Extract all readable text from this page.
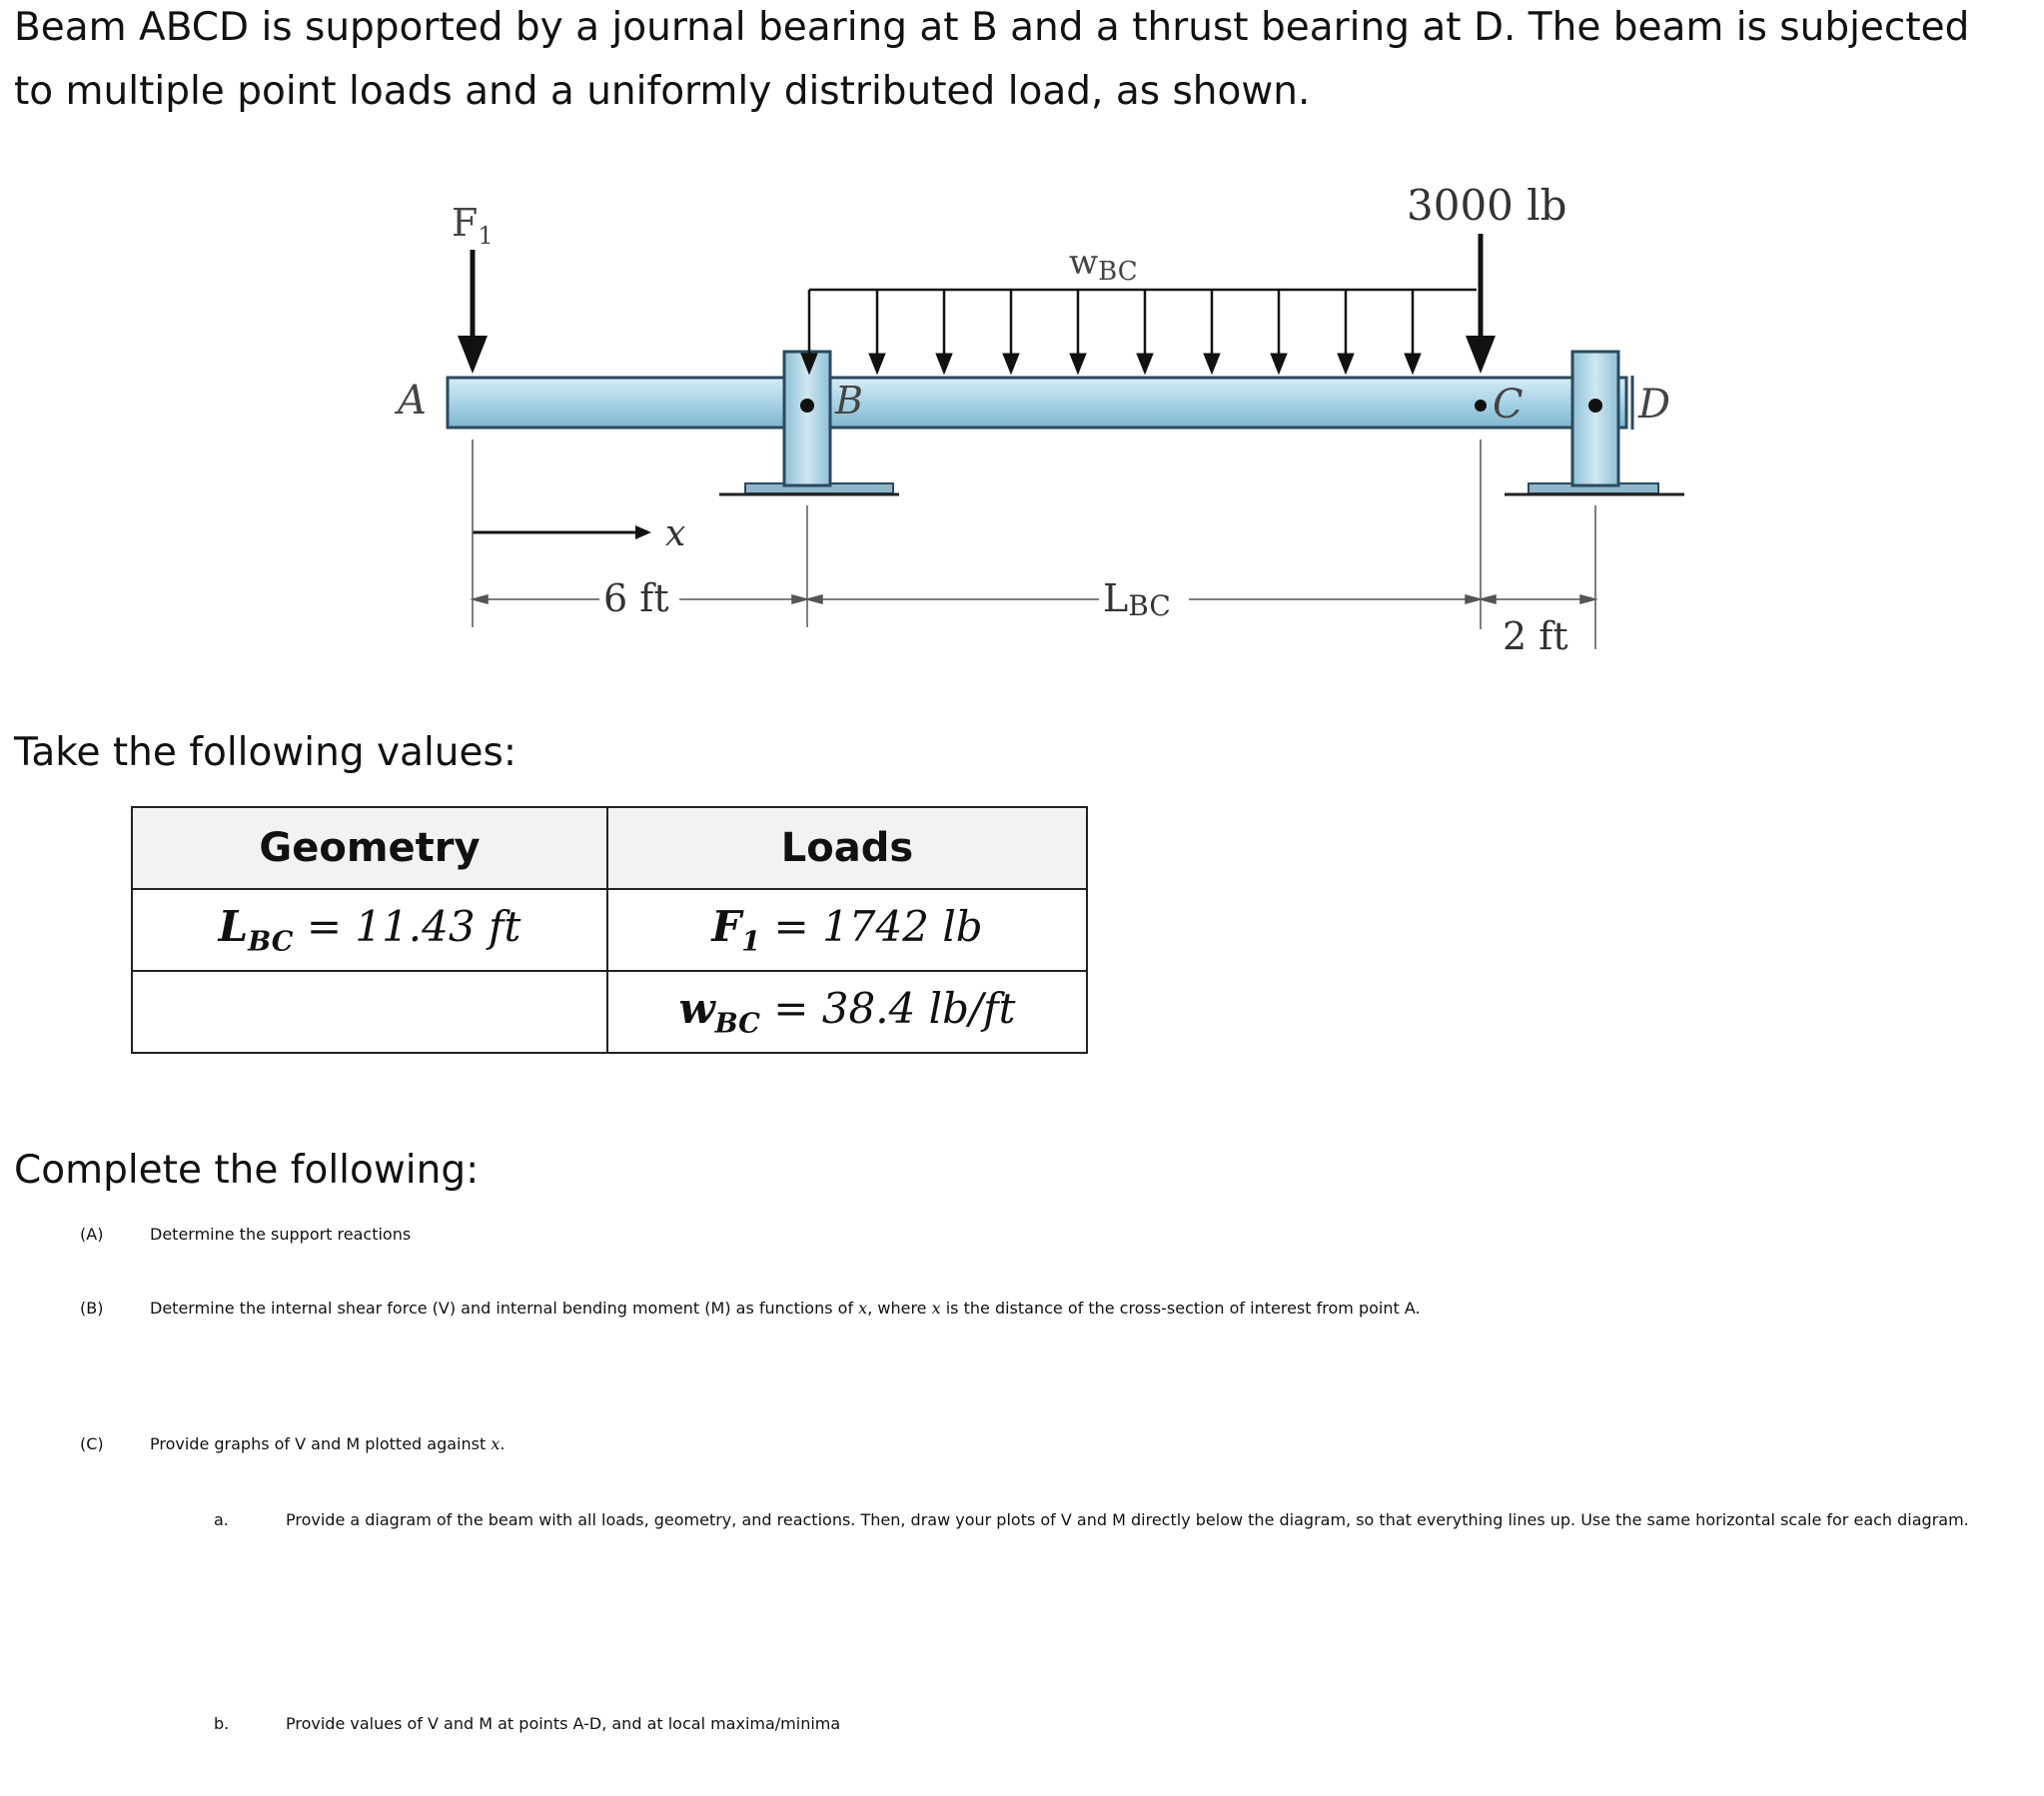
Beam ABCD is supported by a journal bearing at B and a thrust bearing at D. The beam is subjected to multiple point loads and a uniformly distributed load, as shown.

$F_1$
wBC
3000 lb
A	B	C	D
x
6 ft	LBC
2 ft

Take the following values:

Geometry	Loads
$L_{BC} = 11.43$ ft	$F_1 = 1742$ lb
	$w_{BC} = 38.4$ lb/ft

Complete the following:

(A)	Determine the support reactions
(B)	Determine the internal shear force (V) and internal bending moment (M) as functions of x, where x is the distance of the cross-section of interest from point A.
(C)	Provide graphs of V and M plotted against x.
a.	Provide a diagram of the beam with all loads, geometry, and reactions. Then, draw your plots of V and M directly below the diagram, so that everything lines up. Use the same horizontal scale for each diagram.
b.	Provide values of V and M at points A-D, and at local maxima/minima
